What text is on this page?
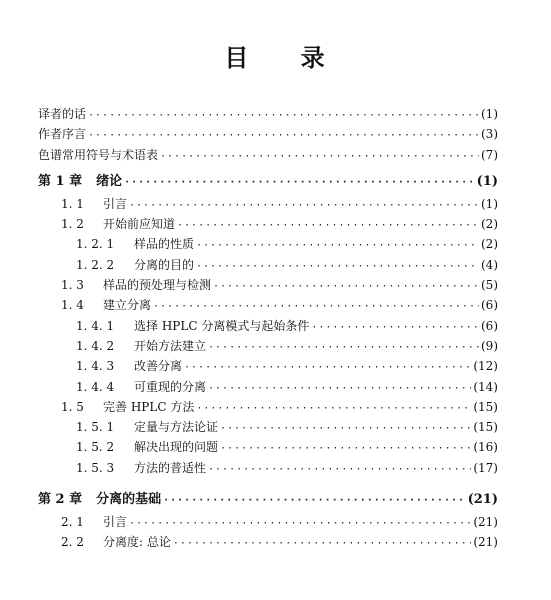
目 录
译者的话 ·····	(1)
作者序言 ·····	(3)
色谱常用符号与术语表 ·····	(7)
第 1 章 绪论 ·····	(1)
1. 1	引言 ·····	(1)
1. 2	开始前应知道 ·····	(2)
1. 2. 1	样品的性质 ·····	(2)
1. 2. 2	分离的目的 ·····	(4)
1. 3	样品的预处理与检测 ·····	(5)
1. 4	建立分离 ·····	(6)
1. 4. 1	选择 HPLC 分离模式与起始条件 ·····	(6)
1. 4. 2	开始方法建立 ·····	(9)
1. 4. 3	改善分离 ·····	(12)
1. 4. 4	可重现的分离 ·····	(14)
1. 5	完善 HPLC 方法 ·····	(15)
1. 5. 1	定量与方法论证 ·····	(15)
1. 5. 2	解决出现的问题 ·····	(16)
1. 5. 3	方法的普适性 ·····	(17)
第 2 章 分离的基础 ·····	(21)
2. 1	引言 ·····	(21)
2. 2	分离度: 总论 ·····	(21)
